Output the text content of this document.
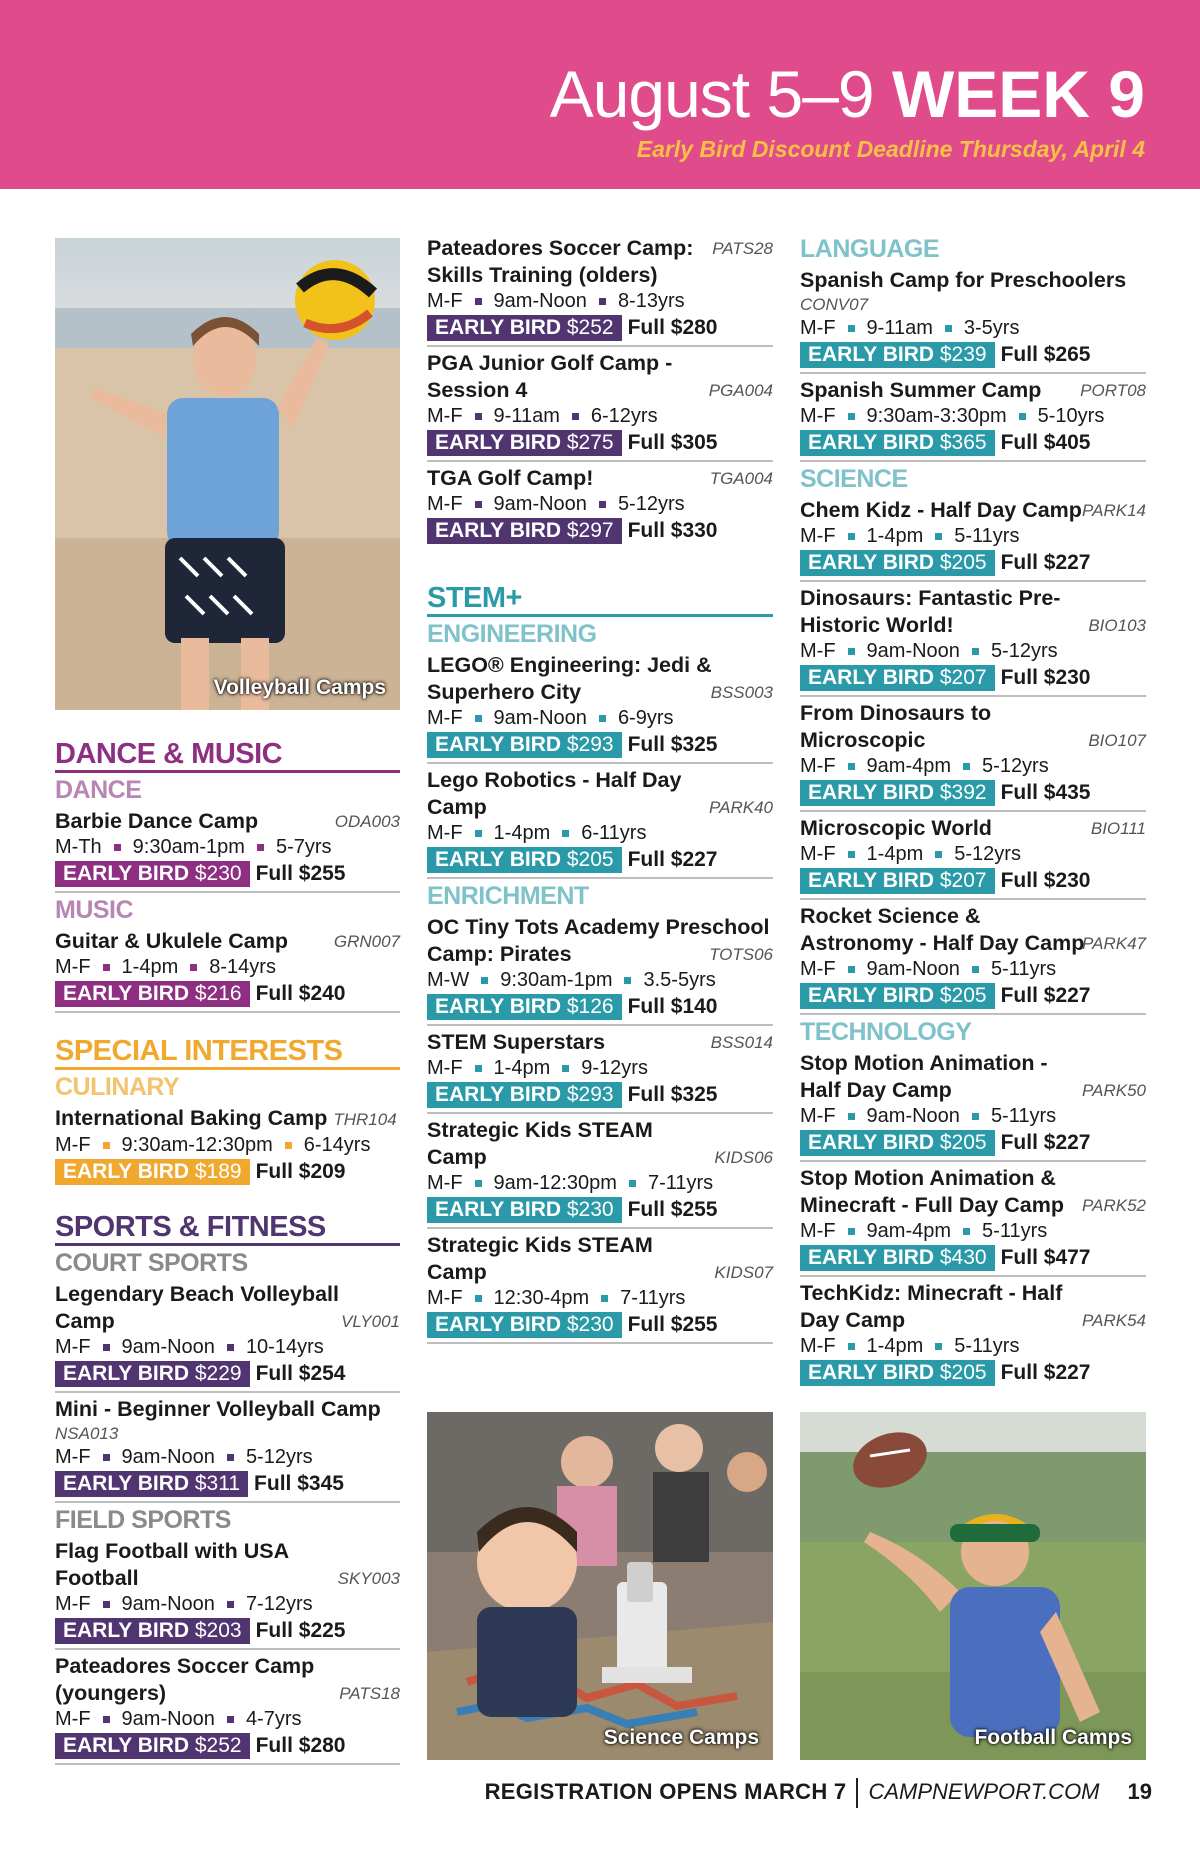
August 5–9 WEEK 9
Early Bird Discount Deadline Thursday, April 4
Volleyball Camps
DANCE & MUSIC
DANCE
Barbie Dance Camp	ODA003
M-Th 9:30am-1pm 5-7yrs
EARLY BIRD $230 Full $255
MUSIC
Guitar & Ukulele Camp	GRN007
M-F 1-4pm 8-14yrs
EARLY BIRD $216 Full $240
SPECIAL INTERESTS
CULINARY
International Baking Camp THR104
M-F 9:30am-12:30pm 6-14yrs
EARLY BIRD $189 Full $209
SPORTS & FITNESS
COURT SPORTS
Legendary Beach Volleyball Camp	VLY001
M-F 9am-Noon 10-14yrs
EARLY BIRD $229 Full $254
Mini - Beginner Volleyball Camp
NSA013
M-F 9am-Noon 5-12yrs
EARLY BIRD $311 Full $345
FIELD SPORTS
Flag Football with USA Football	SKY003
M-F 9am-Noon 7-12yrs
EARLY BIRD $203 Full $225
Pateadores Soccer Camp (youngers)	PATS18
M-F 9am-Noon 4-7yrs
EARLY BIRD $252 Full $280
Pateadores Soccer Camp: Skills Training (olders)
PATS28
M-F 9am-Noon 8-13yrs
EARLY BIRD $252 Full $280
PGA Junior Golf Camp - Session 4	PGA004
M-F 9-11am 6-12yrs
EARLY BIRD $275 Full $305
TGA Golf Camp!	TGA004
M-F 9am-Noon 5-12yrs
EARLY BIRD $297 Full $330
STEM+
ENGINEERING
LEGO® Engineering: Jedi & Superhero City	BSS003
M-F 9am-Noon 6-9yrs
EARLY BIRD $293 Full $325
Lego Robotics - Half Day Camp	PARK40
M-F 1-4pm 6-11yrs
EARLY BIRD $205 Full $227
ENRICHMENT
OC Tiny Tots Academy Preschool Camp: Pirates	TOTS06
M-W 9:30am-1pm 3.5-5yrs
EARLY BIRD $126 Full $140
STEM Superstars	BSS014
M-F 1-4pm 9-12yrs
EARLY BIRD $293 Full $325
Strategic Kids STEAM Camp	KIDS06
M-F 9am-12:30pm 7-11yrs
EARLY BIRD $230 Full $255
Strategic Kids STEAM Camp	KIDS07
M-F 12:30-4pm 7-11yrs
EARLY BIRD $230 Full $255
Science Camps
LANGUAGE
Spanish Camp for Preschoolers
CONV07
M-F 9-11am 3-5yrs
EARLY BIRD $239 Full $265
Spanish Summer Camp PORT08
M-F 9:30am-3:30pm 5-10yrs
EARLY BIRD $365 Full $405
SCIENCE
Chem Kidz - Half Day Camp PARK14
M-F 1-4pm 5-11yrs
EARLY BIRD $205 Full $227
Dinosaurs: Fantastic Pre-Historic World!	BIO103
M-F 9am-Noon 5-12yrs
EARLY BIRD $207 Full $230
From Dinosaurs to Microscopic	BIO107
M-F 9am-4pm 5-12yrs
EARLY BIRD $392 Full $435
Microscopic World	BIO111
M-F 1-4pm 5-12yrs
EARLY BIRD $207 Full $230
Rocket Science & Astronomy - Half Day Camp
PARK47
M-F 9am-Noon 5-11yrs
EARLY BIRD $205 Full $227
TECHNOLOGY
Stop Motion Animation - Half Day Camp	PARK50
M-F 9am-Noon 5-11yrs
EARLY BIRD $205 Full $227
Stop Motion Animation & Minecraft - Full Day Camp PARK52
M-F 9am-4pm 5-11yrs
EARLY BIRD $430 Full $477
TechKidz: Minecraft - Half Day Camp	PARK54
M-F 1-4pm 5-11yrs
EARLY BIRD $205 Full $227
Football Camps
REGISTRATION OPENS MARCH 7 CAMPNEWPORT.COM 19
